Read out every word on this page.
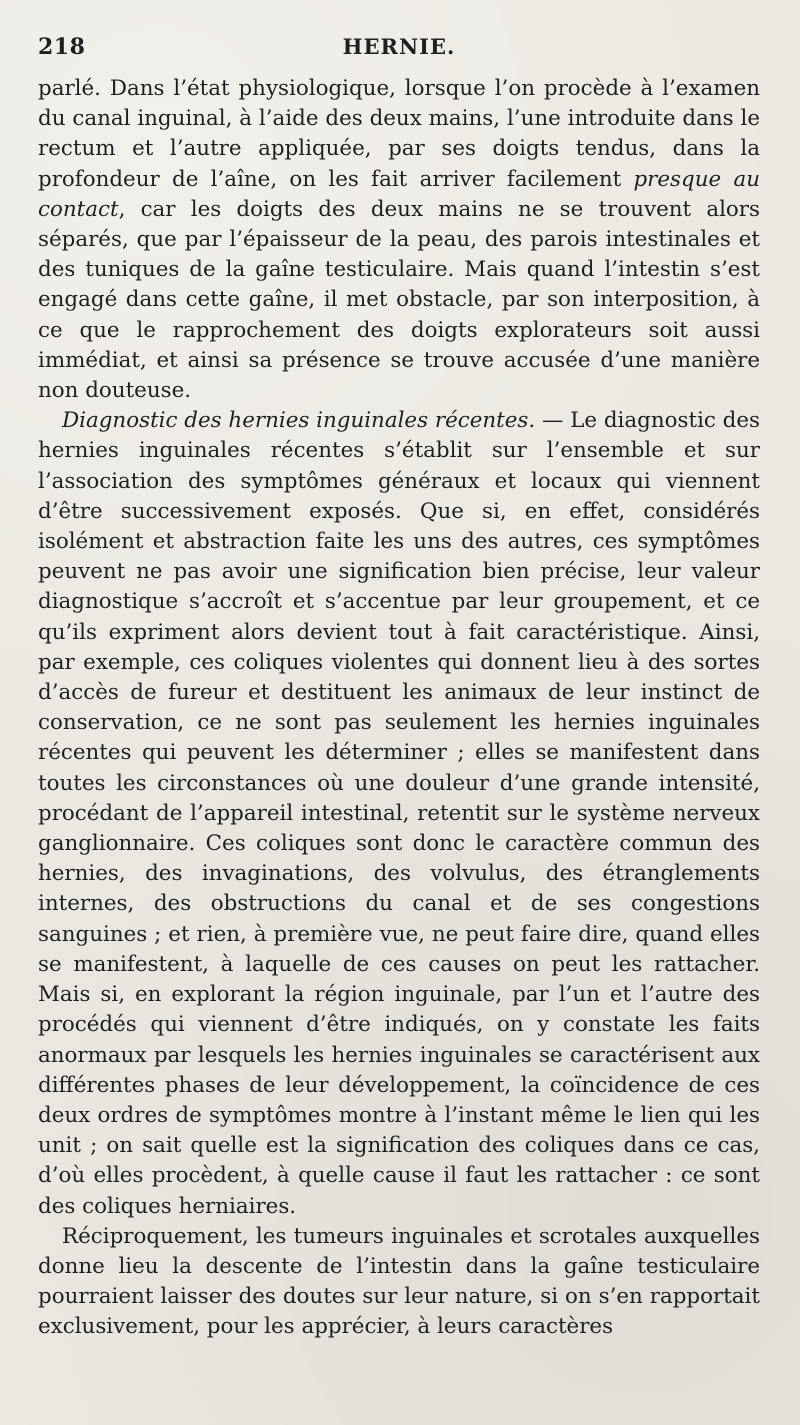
218	HERNIE.

parlé. Dans l’état physiologique, lorsque l’on procède à l’examen du canal inguinal, à l’aide des deux mains, l’une introduite dans le rectum et l’autre appliquée, par ses doigts tendus, dans la profondeur de l’aîne, on les fait arriver facilement presque au contact, car les doigts des deux mains ne se trouvent alors séparés, que par l’épaisseur de la peau, des parois intestinales et des tuniques de la gaîne testiculaire. Mais quand l’intestin s’est engagé dans cette gaîne, il met obstacle, par son interposition, à ce que le rapprochement des doigts explorateurs soit aussi immédiat, et ainsi sa présence se trouve accusée d’une manière non douteuse.

Diagnostic des hernies inguinales récentes. — Le diagnostic des hernies inguinales récentes s’établit sur l’ensemble et sur l’association des symptômes généraux et locaux qui viennent d’être successivement exposés. Que si, en effet, considérés isolément et abstraction faite les uns des autres, ces symptômes peuvent ne pas avoir une signification bien précise, leur valeur diagnostique s’accroît et s’accentue par leur groupement, et ce qu’ils expriment alors devient tout à fait caractéristique. Ainsi, par exemple, ces coliques violentes qui donnent lieu à des sortes d’accès de fureur et destituent les animaux de leur instinct de conservation, ce ne sont pas seulement les hernies inguinales récentes qui peuvent les déterminer ; elles se manifestent dans toutes les circonstances où une douleur d’une grande intensité, procédant de l’appareil intestinal, retentit sur le système nerveux ganglionnaire. Ces coliques sont donc le caractère commun des hernies, des invaginations, des volvulus, des étranglements internes, des obstructions du canal et de ses congestions sanguines ; et rien, à première vue, ne peut faire dire, quand elles se manifestent, à laquelle de ces causes on peut les rattacher. Mais si, en explorant la région inguinale, par l’un et l’autre des procédés qui viennent d’être indiqués, on y constate les faits anormaux par lesquels les hernies inguinales se caractérisent aux différentes phases de leur développement, la coïncidence de ces deux ordres de symptômes montre à l’instant même le lien qui les unit ; on sait quelle est la signification des coliques dans ce cas, d’où elles procèdent, à quelle cause il faut les rattacher : ce sont des coliques herniaires.

Réciproquement, les tumeurs inguinales et scrotales auxquelles donne lieu la descente de l’intestin dans la gaîne testiculaire pourraient laisser des doutes sur leur nature, si on s’en rapportait exclusivement, pour les apprécier, à leurs caractères
